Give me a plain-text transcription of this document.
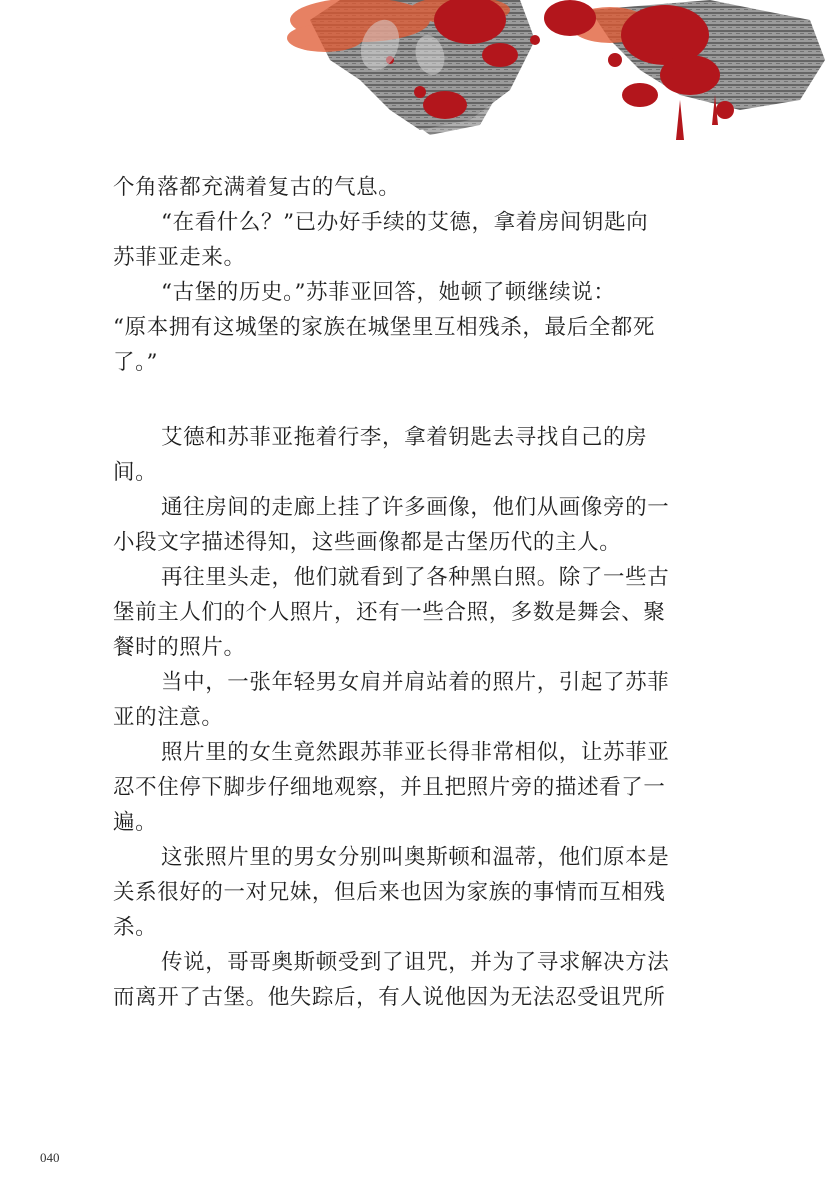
个角落都充满着复古的气息。
“在看什么？”已办好手续的艾德，拿着房间钥匙向
苏菲亚走来。
“古堡的历史。”苏菲亚回答，她顿了顿继续说：
“原本拥有这城堡的家族在城堡里互相残杀，最后全都死
了。”
艾德和苏菲亚拖着行李，拿着钥匙去寻找自己的房
间。
通往房间的走廊上挂了许多画像，他们从画像旁的一
小段文字描述得知，这些画像都是古堡历代的主人。
再往里头走，他们就看到了各种黑白照。除了一些古
堡前主人们的个人照片，还有一些合照，多数是舞会、聚
餐时的照片。
当中，一张年轻男女肩并肩站着的照片，引起了苏菲
亚的注意。
照片里的女生竟然跟苏菲亚长得非常相似，让苏菲亚
忍不住停下脚步仔细地观察，并且把照片旁的描述看了一
遍。
这张照片里的男女分别叫奥斯顿和温蒂，他们原本是
关系很好的一对兄妹，但后来也因为家族的事情而互相残
杀。
传说，哥哥奥斯顿受到了诅咒，并为了寻求解决方法
而离开了古堡。他失踪后，有人说他因为无法忍受诅咒所
040
